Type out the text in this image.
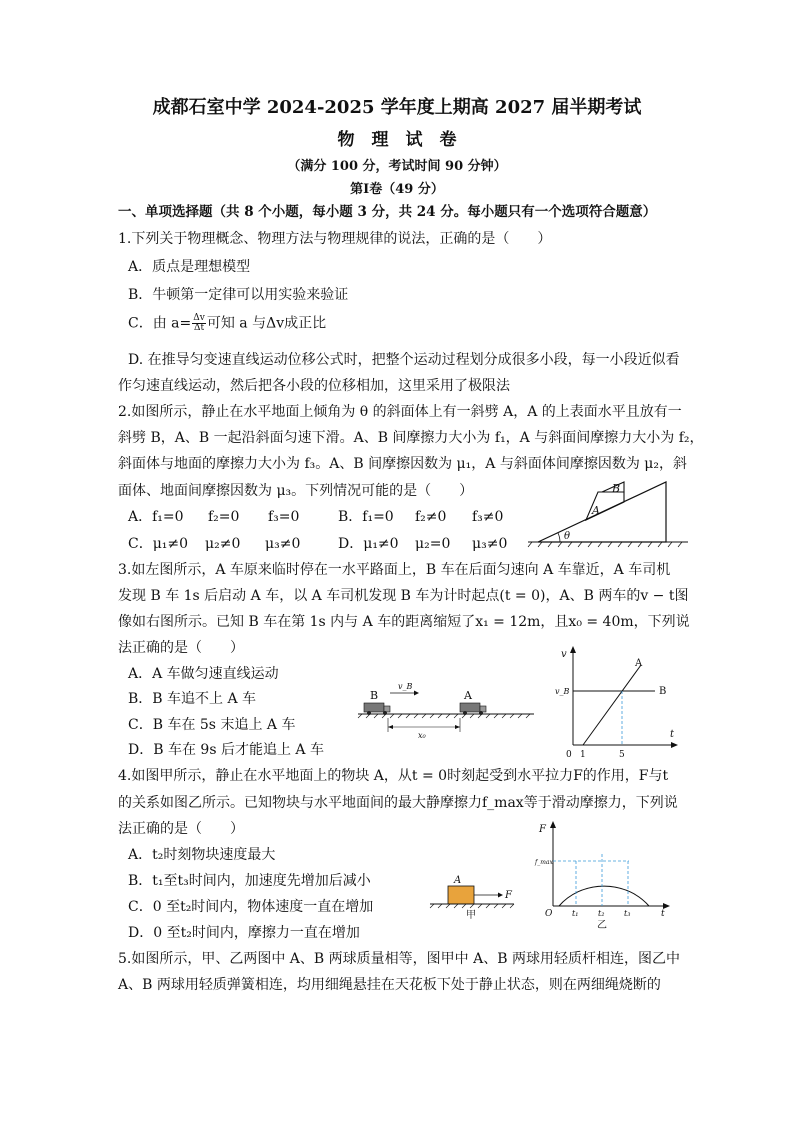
成都石室中学 2024-2025 学年度上期高 2027 届半期考试
物　理　试　卷
（满分 100 分，考试时间 90 分钟）
第Ⅰ卷（49 分）
一、单项选择题（共 8 个小题，每小题 3 分，共 24 分。每小题只有一个选项符合题意）
1.下列关于物理概念、物理方法与物理规律的说法，正确的是（　　）
A．质点是理想模型
B．牛顿第一定律可以用实验来验证
C．由 $a= \frac{\Delta v}{\Delta t}$ 可知 a 与Δv成正比
D. 在推导匀变速直线运动位移公式时，把整个运动过程划分成很多小段，每一小段近似看
作匀速直线运动，然后把各小段的位移相加，这里采用了极限法
2.如图所示，静止在水平地面上倾角为 θ 的斜面体上有一斜劈 A，A 的上表面水平且放有一
斜劈 B，A、B 一起沿斜面匀速下滑。A、B 间摩擦力大小为 f₁，A 与斜面间摩擦力大小为 f₂，
斜面体与地面的摩擦力大小为 f₃。A、B 间摩擦因数为 μ₁，A 与斜面体间摩擦因数为 μ₂，斜
面体、地面间摩擦因数为 μ₃。下列情况可能的是（　　）
A．f₁=0 f₂=0 f₃=0	B．f₁=0 f₂≠0 f₃≠0
C．μ₁≠0 μ₂≠0 μ₃≠0	D．μ₁≠0 μ₂=0 μ₃≠0
A
B
θ
3.如左图所示，A 车原来临时停在一水平路面上，B 车在后面匀速向 A 车靠近，A 车司机
发现 B 车 1s 后启动 A 车，以 A 车司机发现 B 车为计时起点(t = 0)，A、B 两车的v − t图
像如右图所示。已知 B 车在第 1s 内与 A 车的距离缩短了x₁ = 12m，且x₀ = 40m，下列说
法正确的是（　　）
A．A 车做匀速直线运动
B．B 车追不上 A 车
C．B 车在 5s 末追上 A 车
D．B 车在 9s 后才能追上 A 车
B	A
v_B
x₀
v
t
v_B
A
B
0 1	5
4.如图甲所示，静止在水平地面上的物块 A，从t = 0时刻起受到水平拉力F的作用，F与t
的关系如图乙所示。已知物块与水平地面间的最大静摩擦力f_max等于滑动摩擦力，下列说
法正确的是（　　）
A．t₂时刻物块速度最大
B．t₁至t₃时间内，加速度先增加后减小
C．0 至t₂时间内，物体速度一直在增加
D．0 至t₂时间内，摩擦力一直在增加
A
F
甲
F
f_max
O t₁ t₂ t₃	t
乙
5.如图所示，甲、乙两图中 A、B 两球质量相等，图甲中 A、B 两球用轻质杆相连，图乙中
A、B 两球用轻质弹簧相连，均用细绳悬挂在天花板下处于静止状态，则在两细绳烧断的
